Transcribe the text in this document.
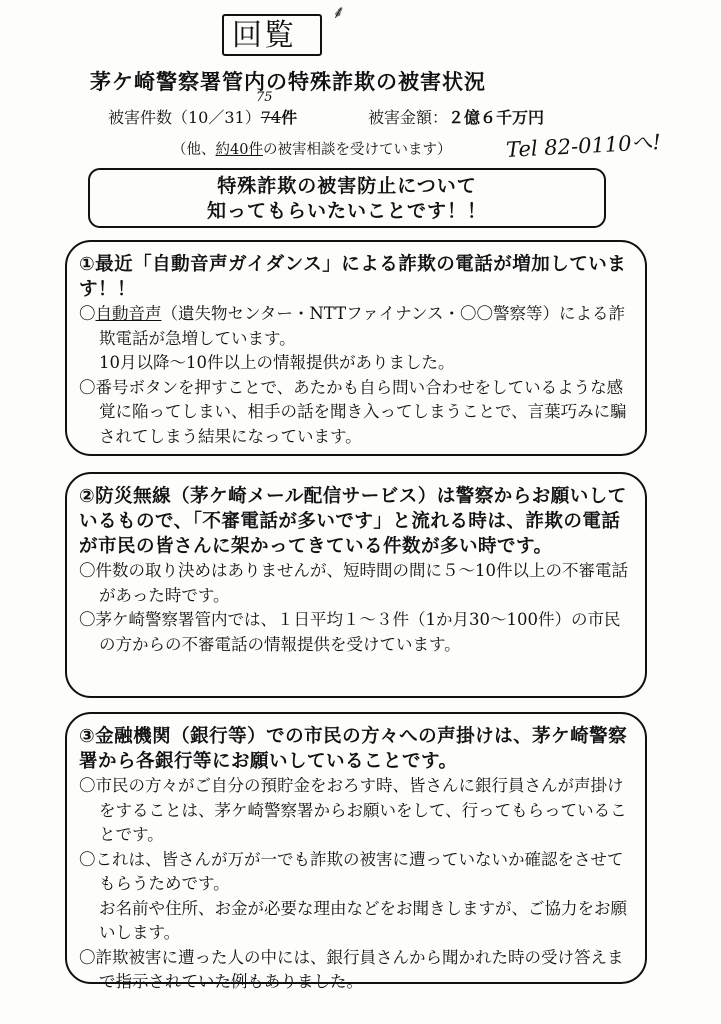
回覧
⸙
茅ケ崎警察署管内の特殊詐欺の被害状況
75
被害件数（10／31）74件	被害金額：２億６千万円
（他、約40件の被害相談を受けています）	Tel 82-0110へ!
特殊詐欺の被害防止について
知ってもらいたいことです！！
①最近「自動音声ガイダンス」による詐欺の電話が増加しています！！
〇自動音声（遺失物センター・NTTファイナンス・〇〇警察等）による詐欺電話が急増しています。
10月以降～10件以上の情報提供がありました。
〇番号ボタンを押すことで、あたかも自ら問い合わせをしているような感覚に陥ってしまい、相手の話を聞き入ってしまうことで、言葉巧みに騙されてしまう結果になっています。
②防災無線（茅ケ崎メール配信サービス）は警察からお願いしているもので、「不審電話が多いです」と流れる時は、詐欺の電話が市民の皆さんに架かってきている件数が多い時です。
〇件数の取り決めはありませんが、短時間の間に５～10件以上の不審電話があった時です。
〇茅ケ崎警察署管内では、１日平均１～３件（1か月30～100件）の市民の方からの不審電話の情報提供を受けています。
③金融機関（銀行等）での市民の方々への声掛けは、茅ケ崎警察署から各銀行等にお願いしていることです。
〇市民の方々がご自分の預貯金をおろす時、皆さんに銀行員さんが声掛けをすることは、茅ケ崎警察署からお願いをして、行ってもらっていることです。
〇これは、皆さんが万が一でも詐欺の被害に遭っていないか確認をさせてもらうためです。
お名前や住所、お金が必要な理由などをお聞きしますが、ご協力をお願いします。
〇詐欺被害に遭った人の中には、銀行員さんから聞かれた時の受け答えまで指示されていた例もありました。
